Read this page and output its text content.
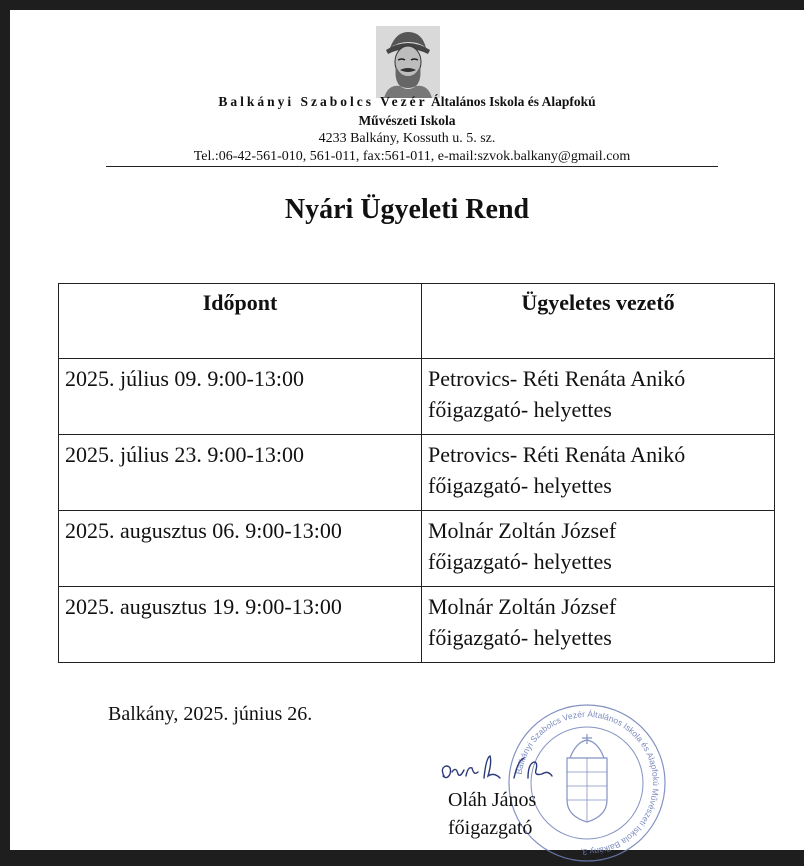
Balkányi Szabolcs Vezér Általános Iskola és Alapfokú
Művészeti Iskola
4233 Balkány, Kossuth u. 5. sz.
Tel.:06-42-561-010, 561-011, fax:561-011, e-mail:szvok.balkany@gmail.com
Nyári Ügyeleti Rend
Időpont	Ügyeletes vezető
2025. július 09. 9:00-13:00	Petrovics- Réti Renáta Anikó
főigazgató- helyettes

2025. július 23. 9:00-13:00	Petrovics- Réti Renáta Anikó
főigazgató- helyettes

2025. augusztus 06. 9:00-13:00	Molnár Zoltán József
főigazgató- helyettes

2025. augusztus 19. 9:00-13:00	Molnár Zoltán József
főigazgató- helyettes
Balkány, 2025. június 26.
Balkányi Szabolcs Vezér Általános Iskola és Alapfokú Művészeti Iskola Balkány 3.
Oláh János
főigazgató
